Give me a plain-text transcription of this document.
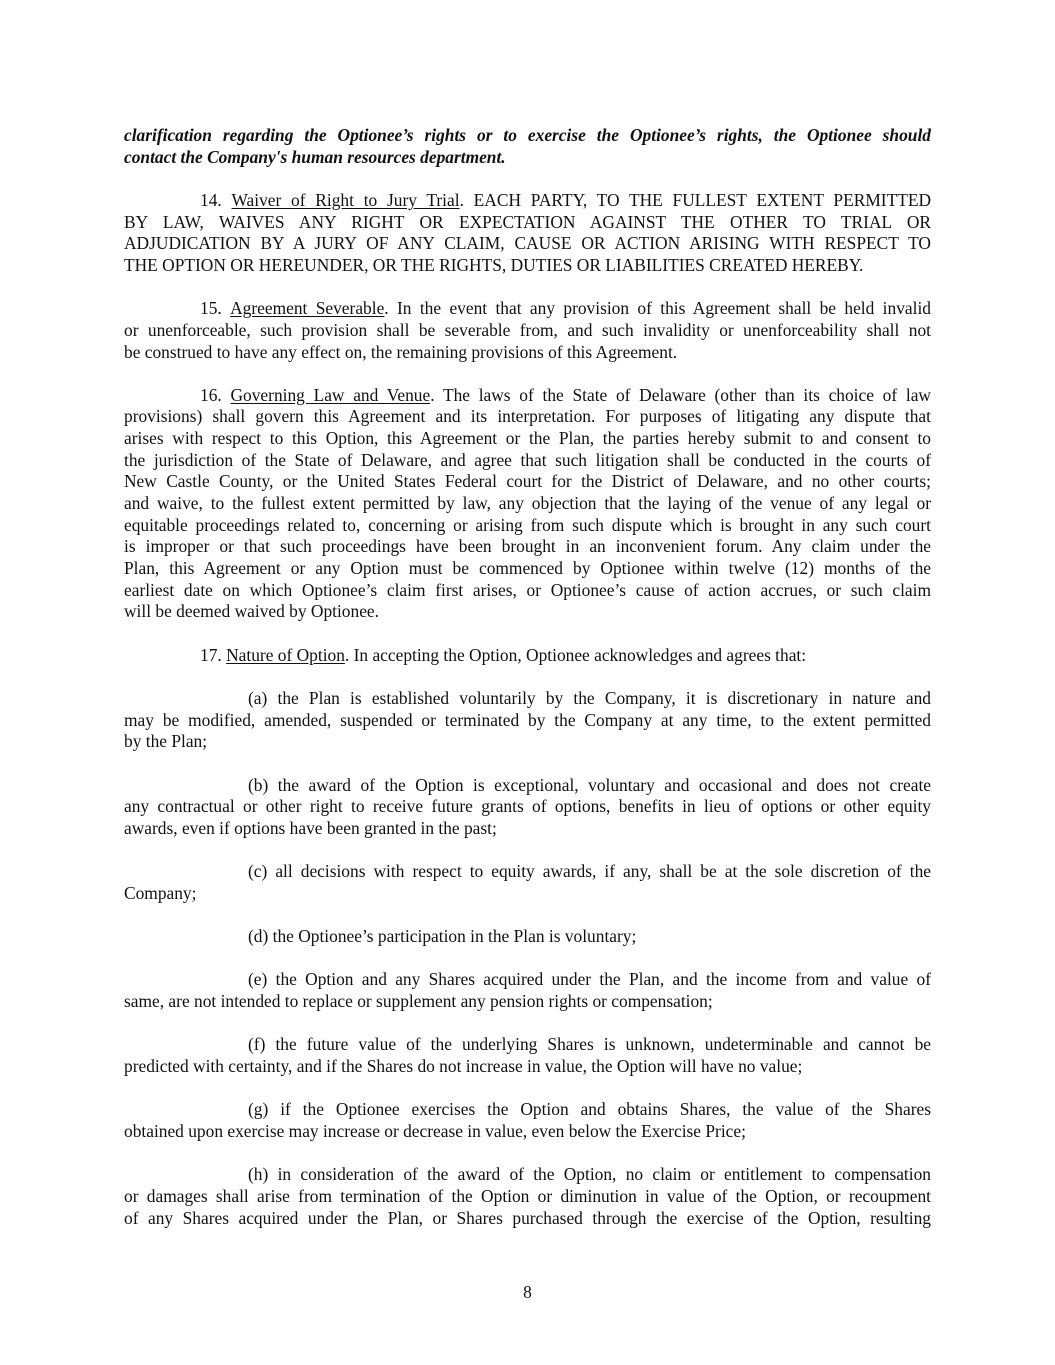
clarification regarding the Optionee’s rights or to exercise the Optionee’s rights, the Optionee should
contact the Company's human resources department.
14. Waiver of Right to Jury Trial. EACH PARTY, TO THE FULLEST EXTENT PERMITTED
BY LAW, WAIVES ANY RIGHT OR EXPECTATION AGAINST THE OTHER TO TRIAL OR
ADJUDICATION BY A JURY OF ANY CLAIM, CAUSE OR ACTION ARISING WITH RESPECT TO
THE OPTION OR HEREUNDER, OR THE RIGHTS, DUTIES OR LIABILITIES CREATED HEREBY.
15. Agreement Severable. In the event that any provision of this Agreement shall be held invalid
or unenforceable, such provision shall be severable from, and such invalidity or unenforceability shall not
be construed to have any effect on, the remaining provisions of this Agreement.
16. Governing Law and Venue. The laws of the State of Delaware (other than its choice of law
provisions) shall govern this Agreement and its interpretation. For purposes of litigating any dispute that
arises with respect to this Option, this Agreement or the Plan, the parties hereby submit to and consent to
the jurisdiction of the State of Delaware, and agree that such litigation shall be conducted in the courts of
New Castle County, or the United States Federal court for the District of Delaware, and no other courts;
and waive, to the fullest extent permitted by law, any objection that the laying of the venue of any legal or
equitable proceedings related to, concerning or arising from such dispute which is brought in any such court
is improper or that such proceedings have been brought in an inconvenient forum. Any claim under the
Plan, this Agreement or any Option must be commenced by Optionee within twelve (12) months of the
earliest date on which Optionee’s claim first arises, or Optionee’s cause of action accrues, or such claim
will be deemed waived by Optionee.
17. Nature of Option. In accepting the Option, Optionee acknowledges and agrees that:
(a) the Plan is established voluntarily by the Company, it is discretionary in nature and
may be modified, amended, suspended or terminated by the Company at any time, to the extent permitted
by the Plan;
(b) the award of the Option is exceptional, voluntary and occasional and does not create
any contractual or other right to receive future grants of options, benefits in lieu of options or other equity
awards, even if options have been granted in the past;
(c) all decisions with respect to equity awards, if any, shall be at the sole discretion of the
Company;
(d) the Optionee’s participation in the Plan is voluntary;
(e) the Option and any Shares acquired under the Plan, and the income from and value of
same, are not intended to replace or supplement any pension rights or compensation;
(f) the future value of the underlying Shares is unknown, undeterminable and cannot be
predicted with certainty, and if the Shares do not increase in value, the Option will have no value;
(g) if the Optionee exercises the Option and obtains Shares, the value of the Shares
obtained upon exercise may increase or decrease in value, even below the Exercise Price;
(h) in consideration of the award of the Option, no claim or entitlement to compensation
or damages shall arise from termination of the Option or diminution in value of the Option, or recoupment
of any Shares acquired under the Plan, or Shares purchased through the exercise of the Option, resulting
8
